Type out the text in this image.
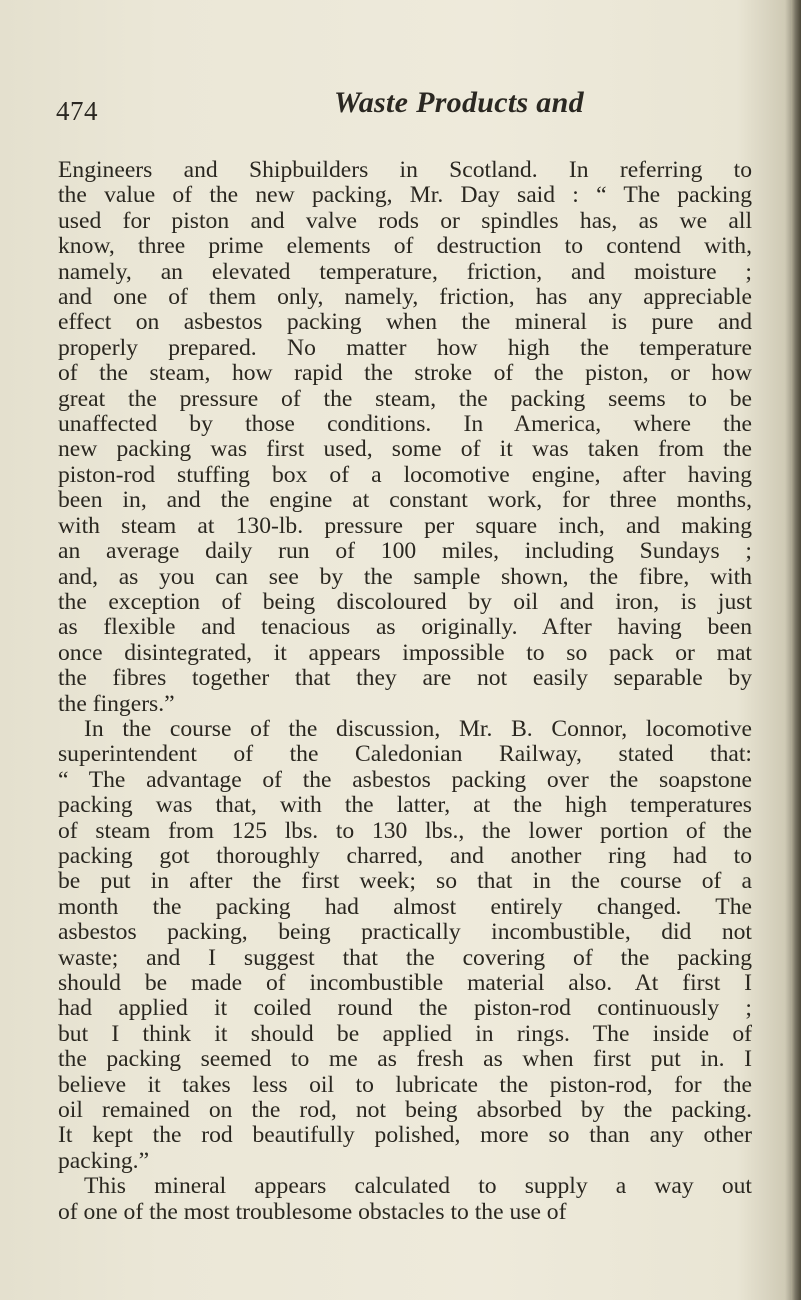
474	Waste Products and
Engineers and Shipbuilders in Scotland. In referring to
the value of the new packing, Mr. Day said : “ The packing
used for piston and valve rods or spindles has, as we all
know, three prime elements of destruction to contend with,
namely, an elevated temperature, friction, and moisture ;
and one of them only, namely, friction, has any appreciable
effect on asbestos packing when the mineral is pure and
properly prepared. No matter how high the temperature
of the steam, how rapid the stroke of the piston, or how
great the pressure of the steam, the packing seems to be
unaffected by those conditions. In America, where the
new packing was first used, some of it was taken from the
piston-rod stuffing box of a locomotive engine, after having
been in, and the engine at constant work, for three months,
with steam at 130-lb. pressure per square inch, and making
an average daily run of 100 miles, including Sundays ;
and, as you can see by the sample shown, the fibre, with
the exception of being discoloured by oil and iron, is just
as flexible and tenacious as originally. After having been
once disintegrated, it appears impossible to so pack or mat
the fibres together that they are not easily separable by
the fingers.”
In the course of the discussion, Mr. B. Connor, locomotive
superintendent of the Caledonian Railway, stated that:
“ The advantage of the asbestos packing over the soapstone
packing was that, with the latter, at the high temperatures
of steam from 125 lbs. to 130 lbs., the lower portion of the
packing got thoroughly charred, and another ring had to
be put in after the first week; so that in the course of a
month the packing had almost entirely changed. The
asbestos packing, being practically incombustible, did not
waste; and I suggest that the covering of the packing
should be made of incombustible material also. At first I
had applied it coiled round the piston-rod continuously ;
but I think it should be applied in rings. The inside of
the packing seemed to me as fresh as when first put in. I
believe it takes less oil to lubricate the piston-rod, for the
oil remained on the rod, not being absorbed by the packing.
It kept the rod beautifully polished, more so than any other
packing.”
This mineral appears calculated to supply a way out
of one of the most troublesome obstacles to the use of
